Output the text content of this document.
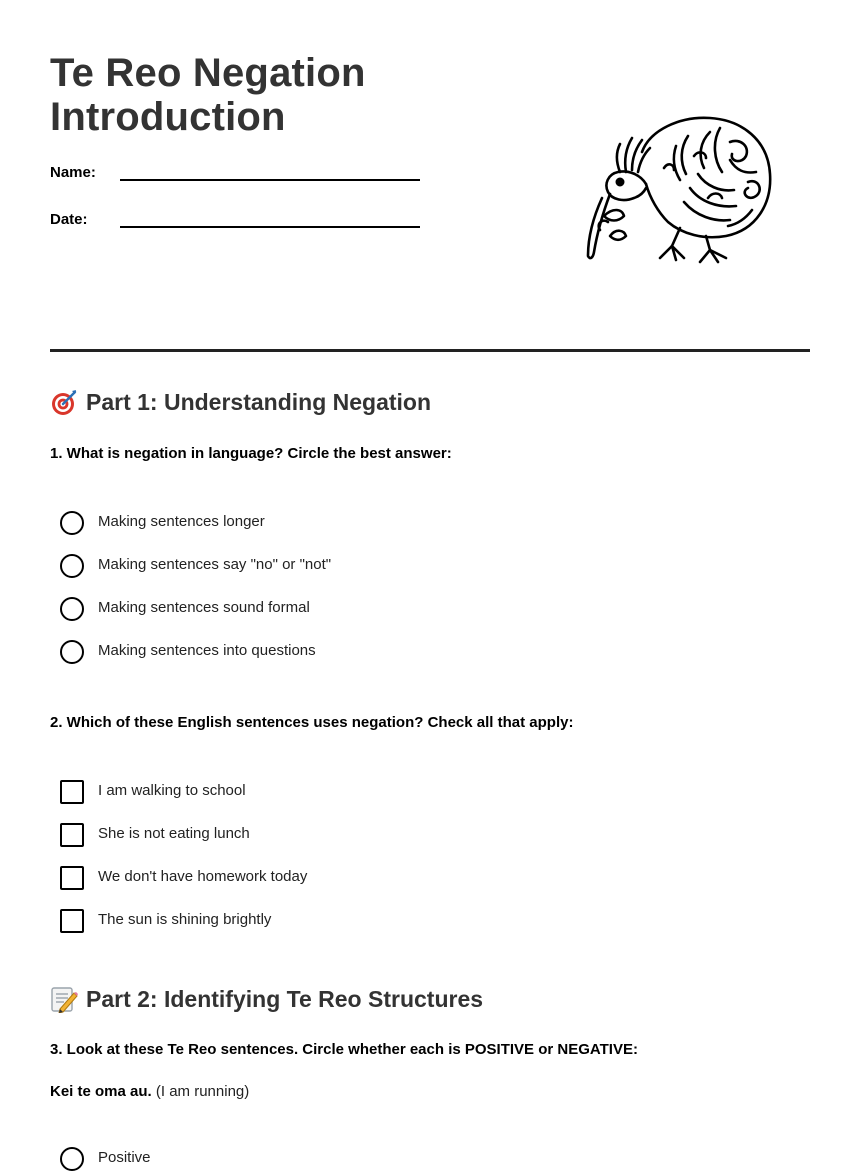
Te Reo Negation
Introduction
Name:
Date:
Part 1: Understanding Negation

1. What is negation in language? Circle the best answer:

Making sentences longer
Making sentences say "no" or "not"
Making sentences sound formal
Making sentences into questions

2. Which of these English sentences uses negation? Check all that apply:

I am walking to school
She is not eating lunch
We don't have homework today
The sun is shining brightly
Part 2: Identifying Te Reo Structures

3. Look at these Te Reo sentences. Circle whether each is POSITIVE or NEGATIVE:

Kei te oma au. (I am running)

Positive
